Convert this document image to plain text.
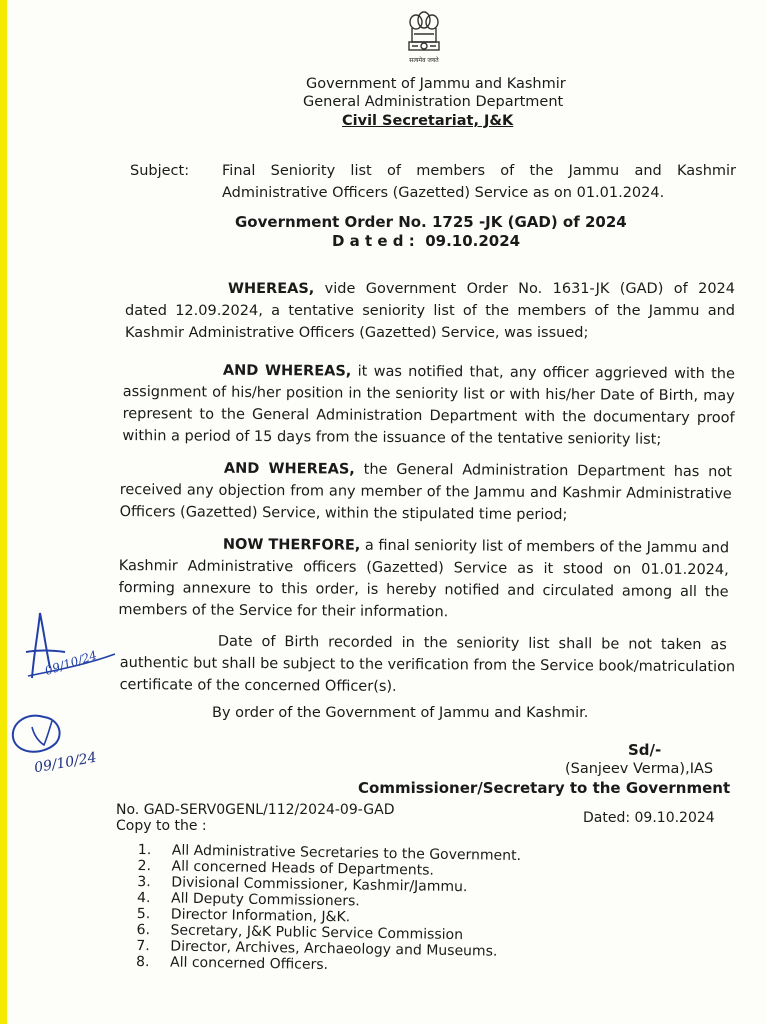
सत्यमेव जयते
Government of Jammu and Kashmir
General Administration Department
Civil Secretariat, J&K
Subject: Final Seniority list of members of the Jammu and Kashmir
Administrative Officers (Gazetted) Service as on 01.01.2024.
Government Order No. 1725 -JK (GAD) of 2024
D a t e d : 09.10.2024
WHEREAS, vide Government Order No. 1631-JK (GAD) of 2024
dated 12.09.2024, a tentative seniority list of the members of the Jammu and
Kashmir Administrative Officers (Gazetted) Service, was issued;
AND WHEREAS, it was notified that, any officer aggrieved with the
assignment of his/her position in the seniority list or with his/her Date of Birth, may
represent to the General Administration Department with the documentary proof
within a period of 15 days from the issuance of the tentative seniority list;
AND WHEREAS, the General Administration Department has not
received any objection from any member of the Jammu and Kashmir Administrative
Officers (Gazetted) Service, within the stipulated time period;
NOW THERFORE, a final seniority list of members of the Jammu and
Kashmir Administrative officers (Gazetted) Service as it stood on 01.01.2024,
forming annexure to this order, is hereby notified and circulated among all the
members of the Service for their information.
Date of Birth recorded in the seniority list shall be not taken as
authentic but shall be subject to the verification from the Service book/matriculation
certificate of the concerned Officer(s).
By order of the Government of Jammu and Kashmir.
Sd/-
(Sanjeev Verma),IAS
Commissioner/Secretary to the Government
No. GAD-SERV0GENL/112/2024-09-GAD	Dated: 09.10.2024
Copy to the :
1. All Administrative Secretaries to the Government.
2. All concerned Heads of Departments.
3. Divisional Commissioner, Kashmir/Jammu.
4. All Deputy Commissioners.
5. Director Information, J&K.
6. Secretary, J&K Public Service Commission
7. Director, Archives, Archaeology and Museums.
8. All concerned Officers.
09/10/24
09/10/24
